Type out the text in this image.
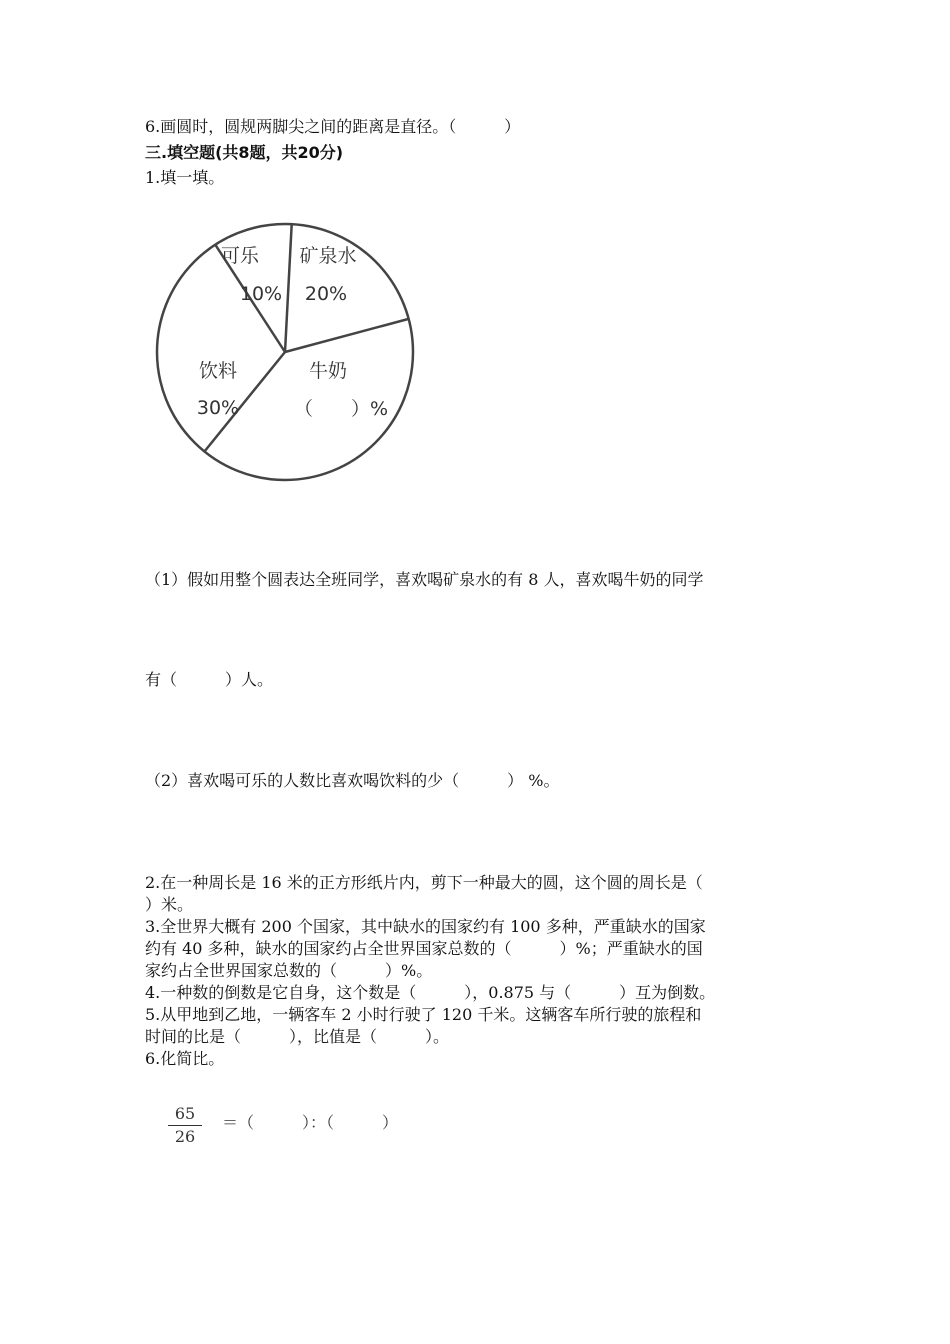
6.画圆时，圆规两脚尖之间的距离是直径。（　　　）
三.填空题(共8题，共20分)
1.填一填。
可乐
10%
矿泉水
20%
牛奶
（　　）%
饮料
30%
（1）假如用整个圆表达全班同学，喜欢喝矿泉水的有 8 人，喜欢喝牛奶的同学
有（　　　）人。
（2）喜欢喝可乐的人数比喜欢喝饮料的少（　　　） %。
2.在一种周长是 16 米的正方形纸片内，剪下一种最大的圆，这个圆的周长是（
）米。
3.全世界大概有 200 个国家，其中缺水的国家约有 100 多种，严重缺水的国家
约有 40 多种，缺水的国家约占全世界国家总数的（　　　）%；严重缺水的国
家约占全世界国家总数的（　　　）%。
4.一种数的倒数是它自身，这个数是（　　　），0.875 与（　　　）互为倒数。
5.从甲地到乙地，一辆客车 2 小时行驶了 120 千米。这辆客车所行驶的旅程和
时间的比是（　　　），比值是（　　　）。
6.化简比。
65
26
＝（　　　）：（　　　）
